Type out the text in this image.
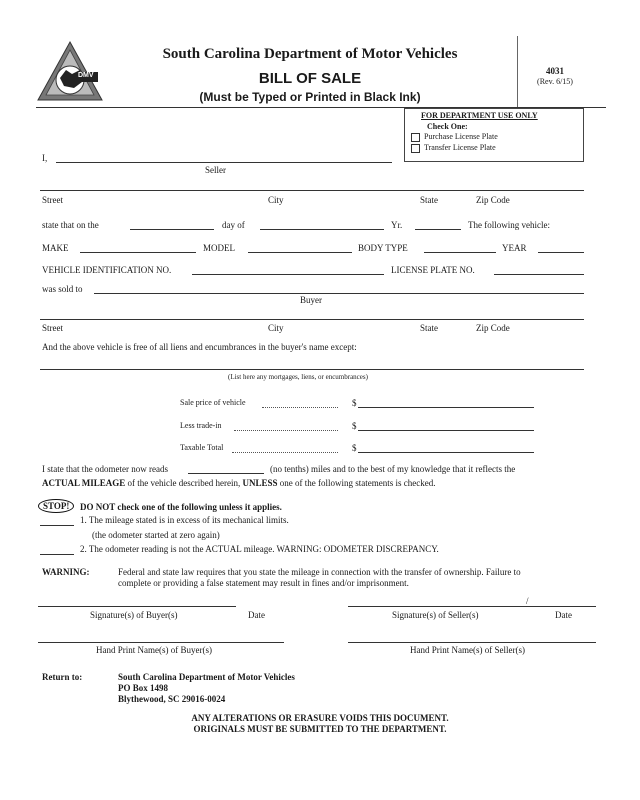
DMV
South Carolina Department of Motor Vehicles
BILL OF SALE
(Must be Typed or Printed in Black Ink)
4031
(Rev. 6/15)
FOR DEPARTMENT USE ONLY
Check One:
Purchase License Plate
Transfer License Plate
I,
Seller
Street	City	State	Zip Code
state that on the	day of	Yr.	The following vehicle:
MAKE	MODEL	BODY TYPE	YEAR
VEHICLE IDENTIFICATION NO.	LICENSE PLATE NO.
was sold to
Buyer
Street	City	State	Zip Code
And the above vehicle is free of all liens and encumbrances in the buyer's name except:
(List here any mortgages, liens, or encumbrances)
Sale price of vehicle	$
Less trade-in	$
Taxable Total	$
I state that the odometer now reads	(no tenths) miles and to the best of my knowledge that it reflects the
ACTUAL MILEAGE of the vehicle described herein, UNLESS one of the following statements is checked.
STOP!	DO NOT check one of the following unless it applies.
1. The mileage stated is in excess of its mechanical limits.
(the odometer started at zero again)
2. The odometer reading is not the ACTUAL mileage. WARNING: ODOMETER DISCREPANCY.
WARNING:	Federal and state law requires that you state the mileage in connection with the transfer of ownership. Failure to
complete or providing a false statement may result in fines and/or imprisonment.
Signature(s) of Buyer(s)	Date
/
Signature(s) of Seller(s)	Date
Hand Print Name(s) of Buyer(s)	Hand Print Name(s) of Seller(s)
Return to:	South Carolina Department of Motor Vehicles
PO Box 1498
Blythewood, SC 29016-0024
ANY ALTERATIONS OR ERASURE VOIDS THIS DOCUMENT.
ORIGINALS MUST BE SUBMITTED TO THE DEPARTMENT.
